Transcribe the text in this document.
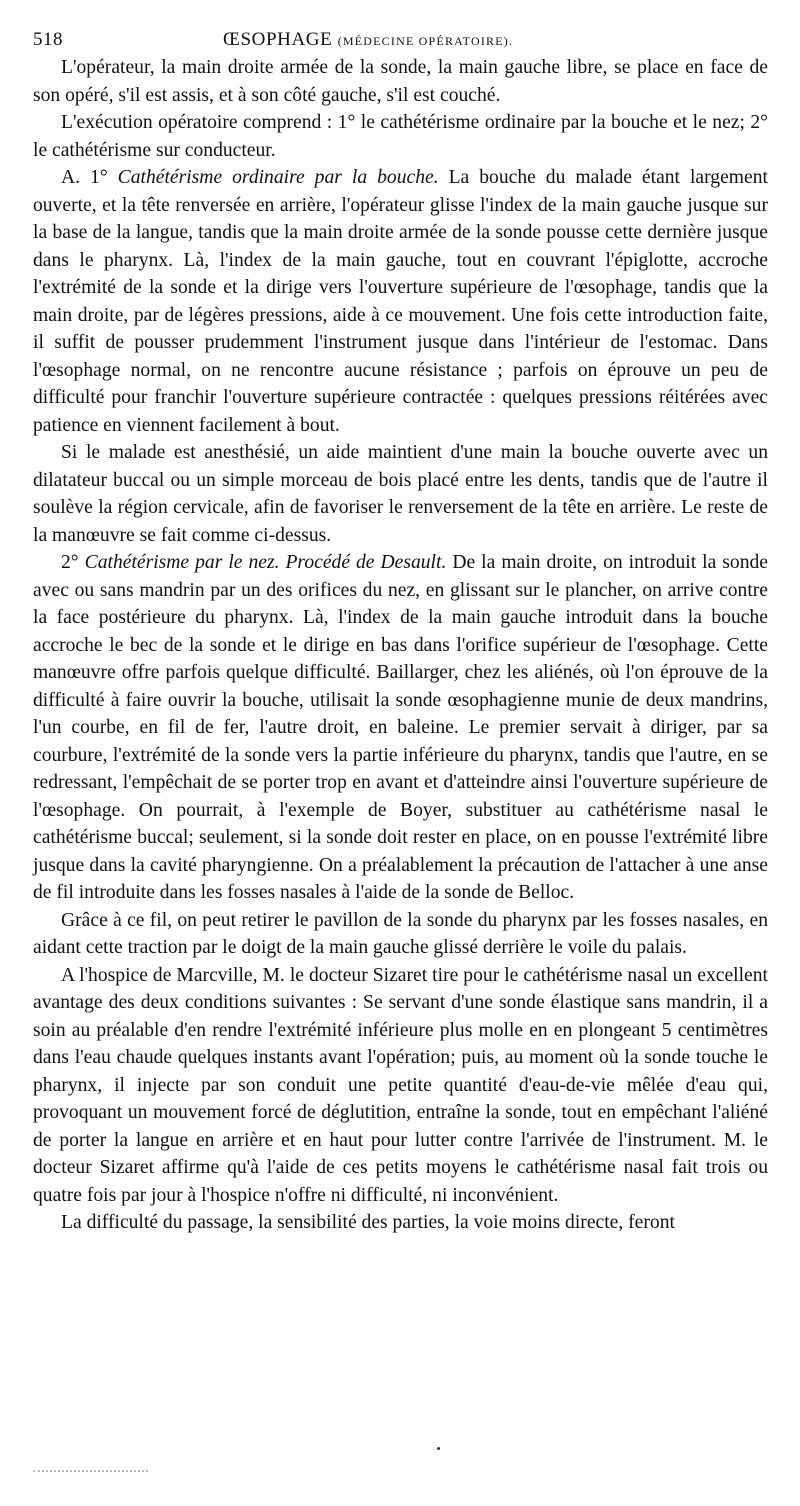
518	ŒSOPHAGE (MÉDECINE OPÉRATOIRE).

L'opérateur, la main droite armée de la sonde, la main gauche libre, se place en face de son opéré, s'il est assis, et à son côté gauche, s'il est couché.

L'exécution opératoire comprend : 1° le cathétérisme ordinaire par la bouche et le nez; 2° le cathétérisme sur conducteur.

A. 1° Cathétérisme ordinaire par la bouche. La bouche du malade étant largement ouverte, et la tête renversée en arrière, l'opérateur glisse l'index de la main gauche jusque sur la base de la langue, tandis que la main droite armée de la sonde pousse cette dernière jusque dans le pharynx. Là, l'index de la main gauche, tout en couvrant l'épiglotte, accroche l'extrémité de la sonde et la dirige vers l'ouverture supérieure de l'œsophage, tandis que la main droite, par de légères pressions, aide à ce mouvement. Une fois cette introduction faite, il suffit de pousser prudemment l'instrument jusque dans l'intérieur de l'estomac. Dans l'œsophage normal, on ne rencontre aucune résistance ; parfois on éprouve un peu de difficulté pour franchir l'ouverture supérieure contractée : quelques pressions réitérées avec patience en viennent facilement à bout.

Si le malade est anesthésié, un aide maintient d'une main la bouche ouverte avec un dilatateur buccal ou un simple morceau de bois placé entre les dents, tandis que de l'autre il soulève la région cervicale, afin de favoriser le renversement de la tête en arrière. Le reste de la manœuvre se fait comme ci-dessus.

2° Cathétérisme par le nez. Procédé de Desault. De la main droite, on introduit la sonde avec ou sans mandrin par un des orifices du nez, en glissant sur le plancher, on arrive contre la face postérieure du pharynx. Là, l'index de la main gauche introduit dans la bouche accroche le bec de la sonde et le dirige en bas dans l'orifice supérieur de l'œsophage. Cette manœuvre offre parfois quelque difficulté. Baillarger, chez les aliénés, où l'on éprouve de la difficulté à faire ouvrir la bouche, utilisait la sonde œsophagienne munie de deux mandrins, l'un courbe, en fil de fer, l'autre droit, en baleine. Le premier servait à diriger, par sa courbure, l'extrémité de la sonde vers la partie inférieure du pharynx, tandis que l'autre, en se redressant, l'empêchait de se porter trop en avant et d'atteindre ainsi l'ouverture supérieure de l'œsophage. On pourrait, à l'exemple de Boyer, substituer au cathétérisme nasal le cathétérisme buccal; seulement, si la sonde doit rester en place, on en pousse l'extrémité libre jusque dans la cavité pharyngienne. On a préalablement la précaution de l'attacher à une anse de fil introduite dans les fosses nasales à l'aide de la sonde de Belloc.

Grâce à ce fil, on peut retirer le pavillon de la sonde du pharynx par les fosses nasales, en aidant cette traction par le doigt de la main gauche glissé derrière le voile du palais.

A l'hospice de Marcville, M. le docteur Sizaret tire pour le cathétérisme nasal un excellent avantage des deux conditions suivantes : Se servant d'une sonde élastique sans mandrin, il a soin au préalable d'en rendre l'extrémité inférieure plus molle en en plongeant 5 centimètres dans l'eau chaude quelques instants avant l'opération; puis, au moment où la sonde touche le pharynx, il injecte par son conduit une petite quantité d'eau-de-vie mêlée d'eau qui, provoquant un mouvement forcé de déglutition, entraîne la sonde, tout en empêchant l'aliéné de porter la langue en arrière et en haut pour lutter contre l'arrivée de l'instrument. M. le docteur Sizaret affirme qu'à l'aide de ces petits moyens le cathétérisme nasal fait trois ou quatre fois par jour à l'hospice n'offre ni difficulté, ni inconvénient.

La difficulté du passage, la sensibilité des parties, la voie moins directe, feront
